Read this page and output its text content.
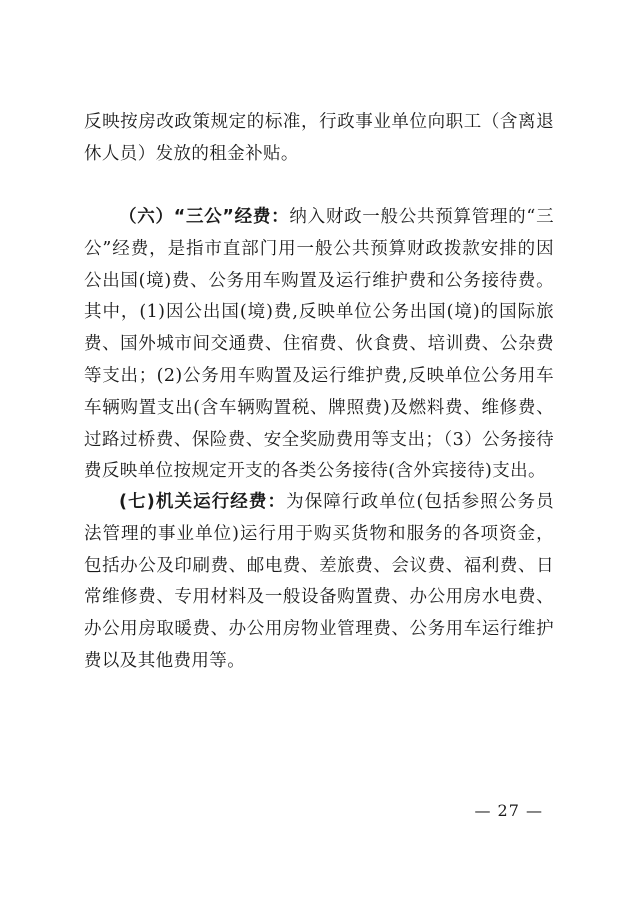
反映按房改政策规定的标准，行政事业单位向职工（含离退休人员）发放的租金补贴。

（六）“三公”经费：纳入财政一般公共预算管理的“三公”经费，是指市直部门用一般公共预算财政拨款安排的因公出国(境)费、公务用车购置及运行维护费和公务接待费。其中，(1)因公出国(境)费,反映单位公务出国(境)的国际旅费、国外城市间交通费、住宿费、伙食费、培训费、公杂费等支出；(2)公务用车购置及运行维护费,反映单位公务用车车辆购置支出(含车辆购置税、牌照费)及燃料费、维修费、过路过桥费、保险费、安全奖励费用等支出；（3）公务接待费反映单位按规定开支的各类公务接待(含外宾接待)支出。

(七)机关运行经费：为保障行政单位(包括参照公务员法管理的事业单位)运行用于购买货物和服务的各项资金，包括办公及印刷费、邮电费、差旅费、会议费、福利费、日常维修费、专用材料及一般设备购置费、办公用房水电费、办公用房取暖费、办公用房物业管理费、公务用车运行维护费以及其他费用等。

— 27 —
